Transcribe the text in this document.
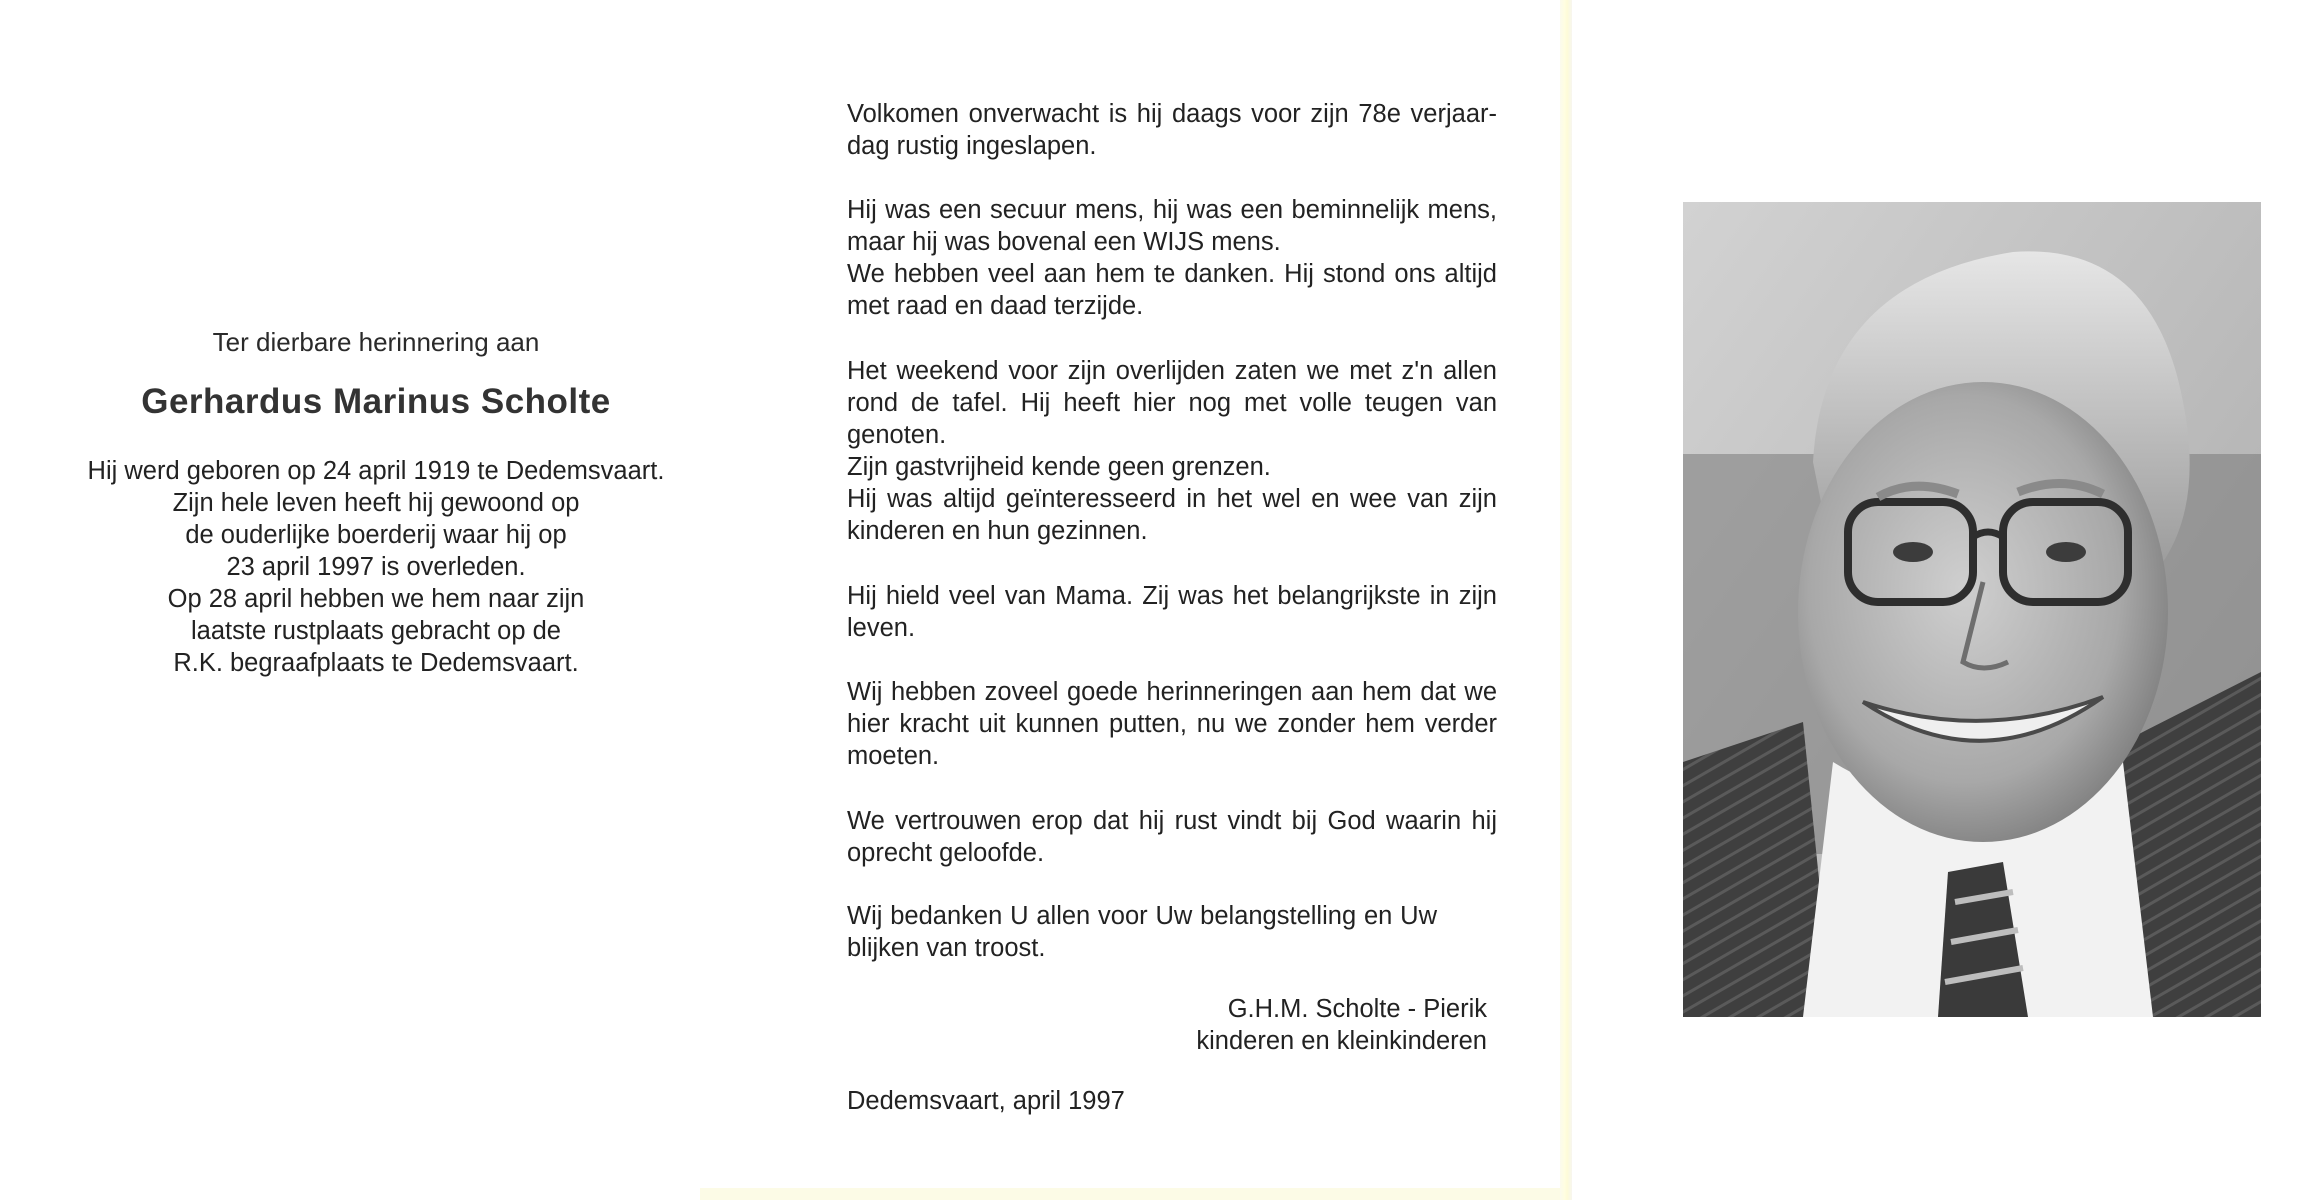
Ter dierbare herinnering aan
Gerhardus Marinus Scholte
Hij werd geboren op 24 april 1919 te Dedemsvaart.
Zijn hele leven heeft hij gewoond op
de ouderlijke boerderij waar hij op
23 april 1997 is overleden.
Op 28 april hebben we hem naar zijn
laatste rustplaats gebracht op de
R.K. begraafplaats te Dedemsvaart.
Volkomen onverwacht is hij daags voor zijn 78e verjaar-
dag rustig ingeslapen.
Hij was een secuur mens, hij was een beminnelijk mens,
maar hij was bovenal een WIJS mens.
We hebben veel aan hem te danken. Hij stond ons altijd
met raad en daad terzijde.
Het weekend voor zijn overlijden zaten we met z'n allen
rond de tafel. Hij heeft hier nog met volle teugen van
genoten.
Zijn gastvrijheid kende geen grenzen.
Hij was altijd geïnteresseerd in het wel en wee van zijn
kinderen en hun gezinnen.
Hij hield veel van Mama. Zij was het belangrijkste in zijn
leven.
Wij hebben zoveel goede herinneringen aan hem dat we
hier kracht uit kunnen putten, nu we zonder hem verder
moeten.
We vertrouwen erop dat hij rust vindt bij God waarin hij
oprecht geloofde.
Wij bedanken U allen voor Uw belangstelling en Uw
blijken van troost.
G.H.M. Scholte - Pierik
kinderen en kleinkinderen
Dedemsvaart, april 1997
